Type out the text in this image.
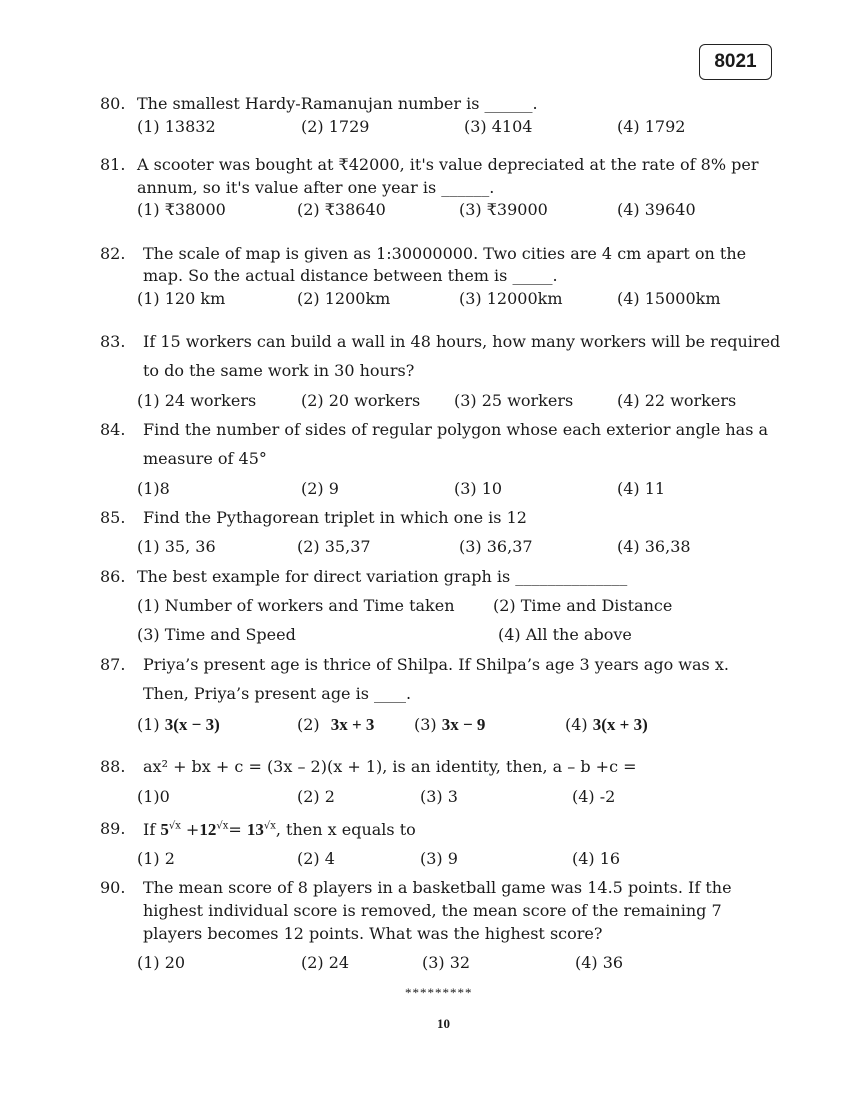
8021
80. The smallest Hardy-Ramanujan number is ______.
(1) 13832	(2) 1729	(3) 4104	(4) 1792
81. A scooter was bought at ₹42000, it's value depreciated at the rate of 8% per
annum, so it's value after one year is ______.
(1) ₹38000	(2) ₹38640	(3) ₹39000	(4) 39640
82. The scale of map is given as 1:30000000. Two cities are 4 cm apart on the
map. So the actual distance between them is _____.
(1) 120 km	(2) 1200km	(3) 12000km	(4) 15000km
83. If 15 workers can build a wall in 48 hours, how many workers will be required
to do the same work in 30 hours?
(1) 24 workers	(2) 20 workers (3) 25 workers	(4) 22 workers
84. Find the number of sides of regular polygon whose each exterior angle has a
measure of 45°
(1)8	(2) 9	(3) 10	(4) 11
85. Find the Pythagorean triplet in which one is 12
(1) 35, 36	(2) 35,37	(3) 36,37	(4) 36,38
86. The best example for direct variation graph is ______________
(1) Number of workers and Time taken (2) Time and Distance
(3) Time and Speed	(4) All the above
87. Priya’s present age is thrice of Shilpa. If Shilpa’s age 3 years ago was x.
Then, Priya’s present age is ____.
(1) 3(x − 3)	(2) 3x + 3 (3) 3x − 9	(4) 3(x + 3)
88. ax² + bx + c = (3x – 2)(x + 1), is an identity, then, a – b +c =
(1)0	(2) 2	(3) 3	(4) -2
89. If $5^{√x} +12^{√x}= 13^{√x}$, then x equals to
(1) 2	(2) 4	(3) 9	(4) 16
90. The mean score of 8 players in a basketball game was 14.5 points. If the
highest individual score is removed, the mean score of the remaining 7
players becomes 12 points. What was the highest score?
(1) 20	(2) 24	(3) 32	(4) 36
*********
10
